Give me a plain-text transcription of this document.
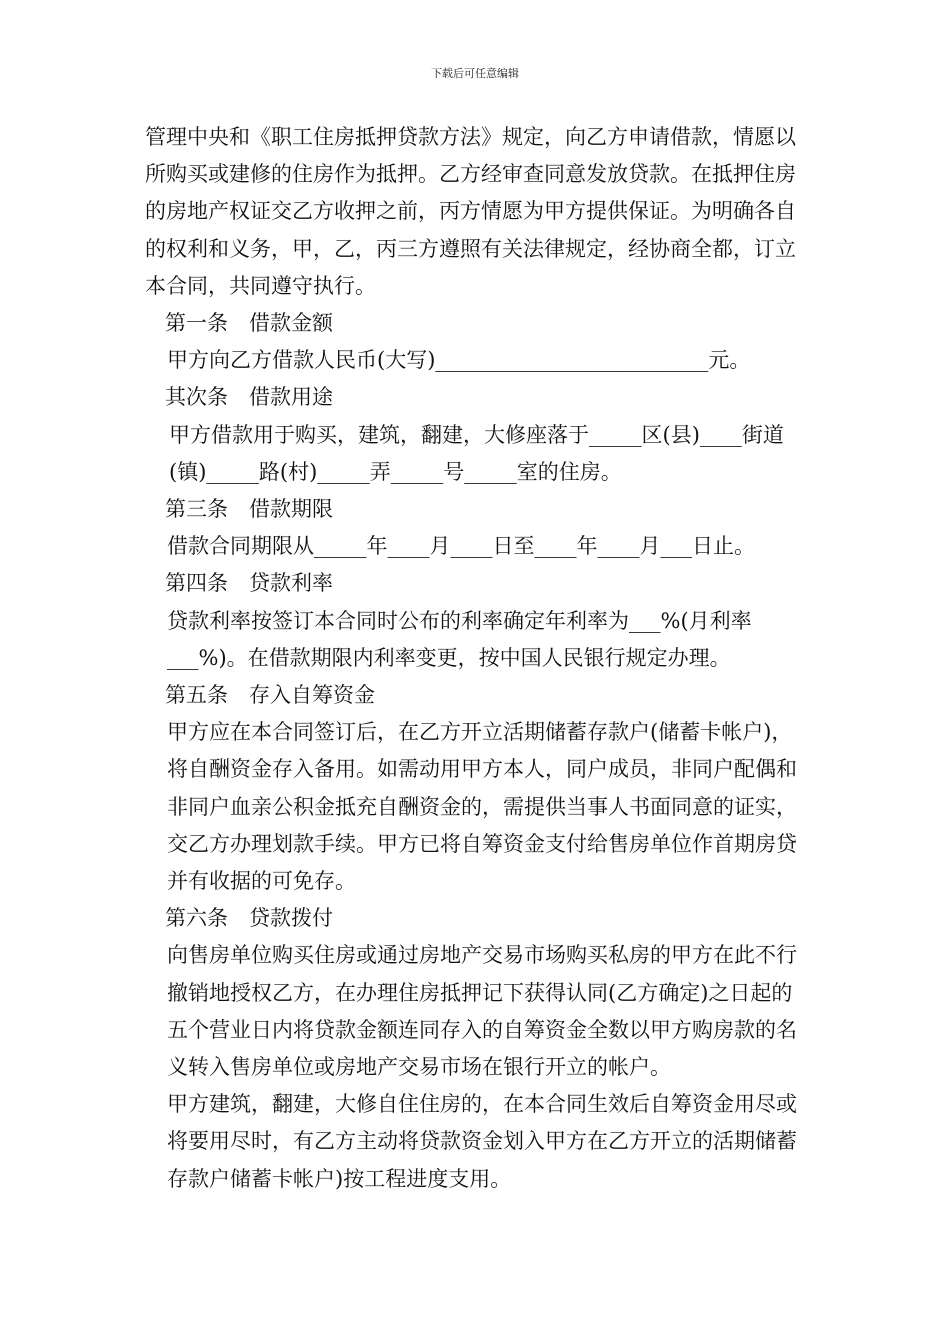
下载后可任意编辑

管理中央和《职工住房抵押贷款方法》规定，向乙方申请借款，情愿以所购买或建修的住房作为抵押。乙方经审查同意发放贷款。在抵押住房的房地产权证交乙方收押之前，丙方情愿为甲方提供保证。为明确各自的权利和义务，甲，乙，丙三方遵照有关法律规定，经协商全都，订立本合同，共同遵守执行。

第一条　借款金额

甲方向乙方借款人民币(大写)__________________________元。

其次条　借款用途

甲方借款用于购买，建筑，翻建，大修座落于_____区(县)____街道(镇)_____路(村)_____弄_____号_____室的住房。

第三条　借款期限

借款合同期限从_____年____月____日至____年____月___日止。

第四条　贷款利率

贷款利率按签订本合同时公布的利率确定年利率为___%(月利率___%)。在借款期限内利率变更，按中国人民银行规定办理。

第五条　存入自筹资金

甲方应在本合同签订后，在乙方开立活期储蓄存款户(储蓄卡帐户)，将自酬资金存入备用。如需动用甲方本人，同户成员，非同户配偶和非同户血亲公积金抵充自酬资金的，需提供当事人书面同意的证实，交乙方办理划款手续。甲方已将自筹资金支付给售房单位作首期房贷并有收据的可免存。

第六条　贷款拨付

向售房单位购买住房或通过房地产交易市场购买私房的甲方在此不行撤销地授权乙方，在办理住房抵押记下获得认同(乙方确定)之日起的五个营业日内将贷款金额连同存入的自筹资金全数以甲方购房款的名义转入售房单位或房地产交易市场在银行开立的帐户。

甲方建筑，翻建，大修自住住房的，在本合同生效后自筹资金用尽或将要用尽时，有乙方主动将贷款资金划入甲方在乙方开立的活期储蓄存款户储蓄卡帐户)按工程进度支用。
